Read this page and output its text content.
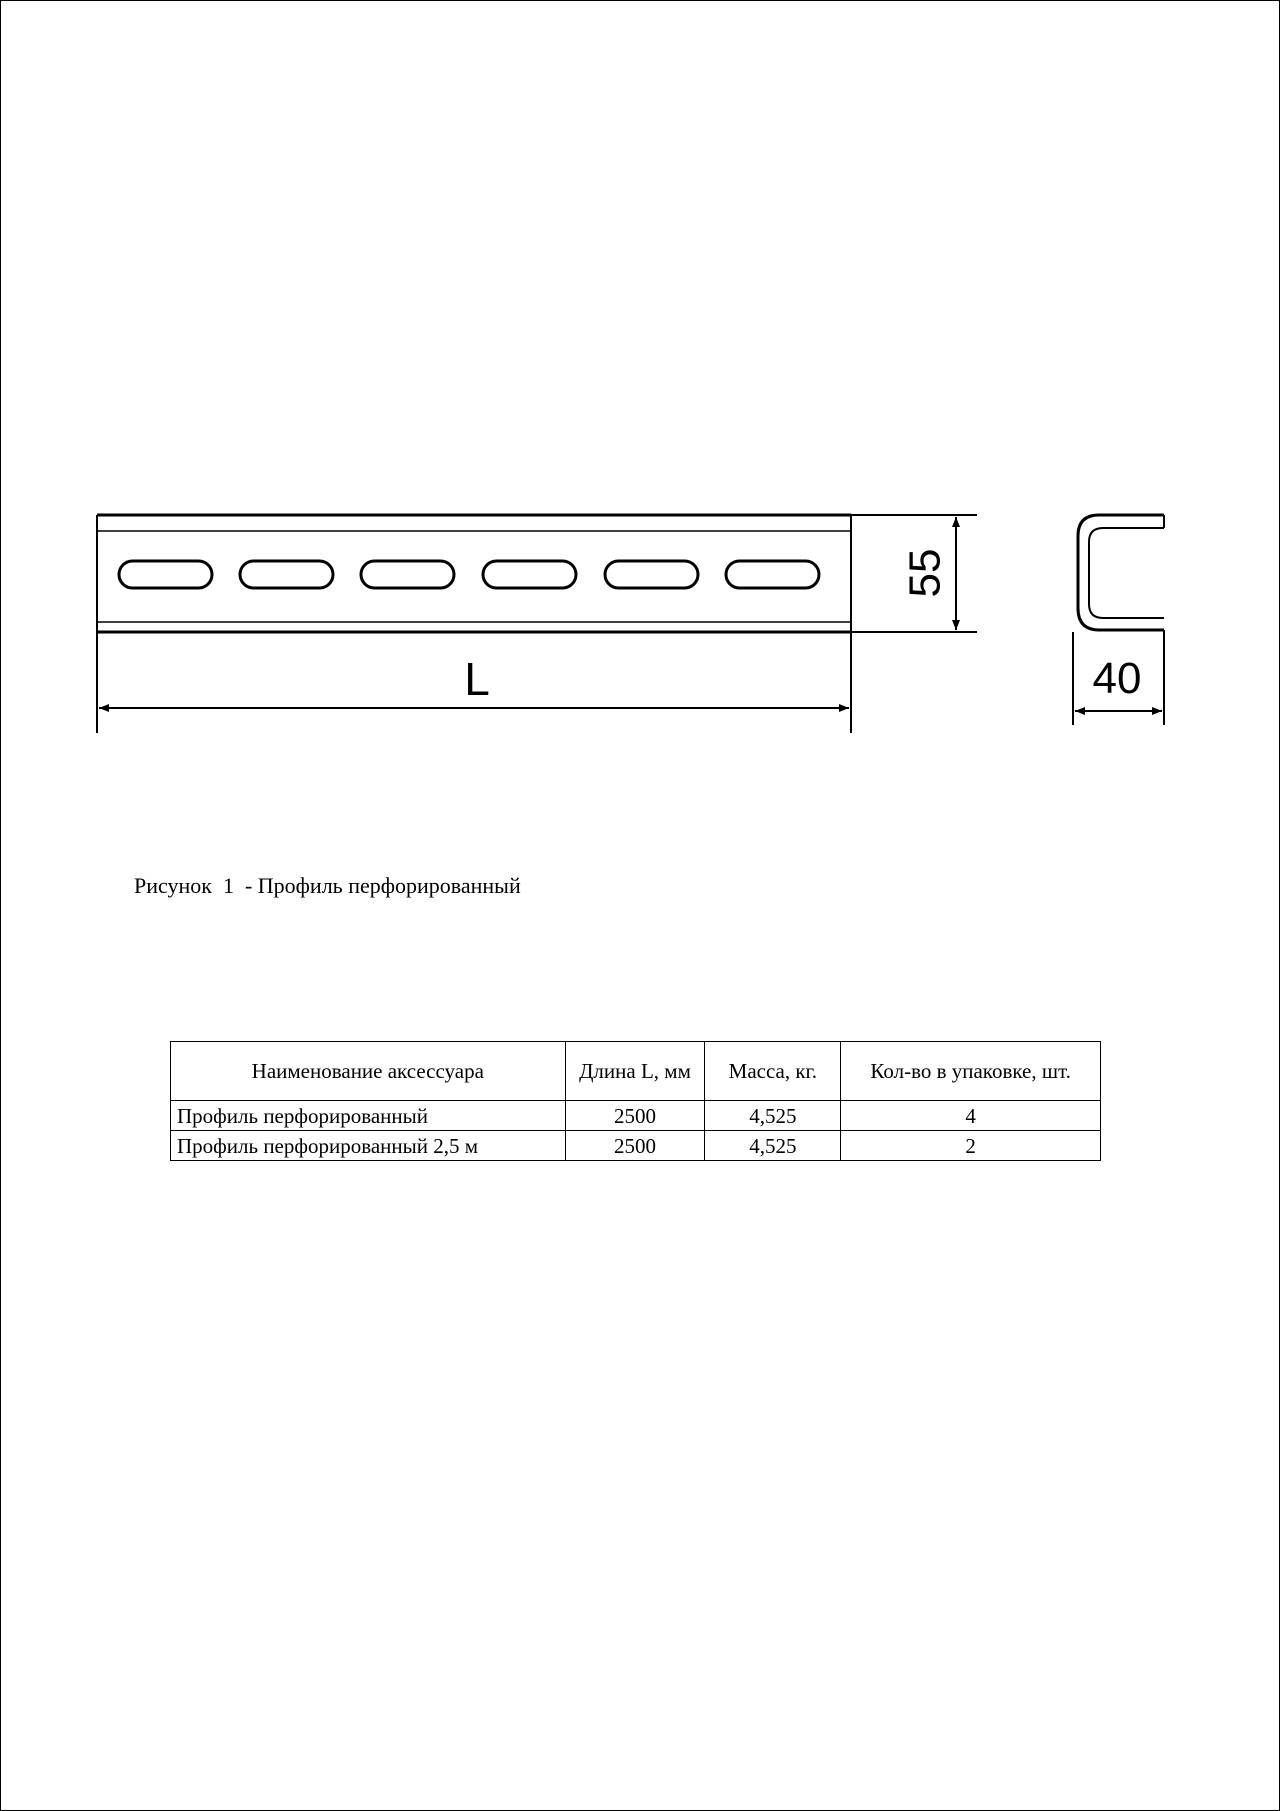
55
L	40
Рисунок  1  - Профиль перфорированный
Наименование аксессуара	Длина L, мм	Масса, кг.	Кол-во в упаковке, шт.
Профиль перфорированный	2500	4,525	4
Профиль перфорированный 2,5 м	2500	4,525	2
